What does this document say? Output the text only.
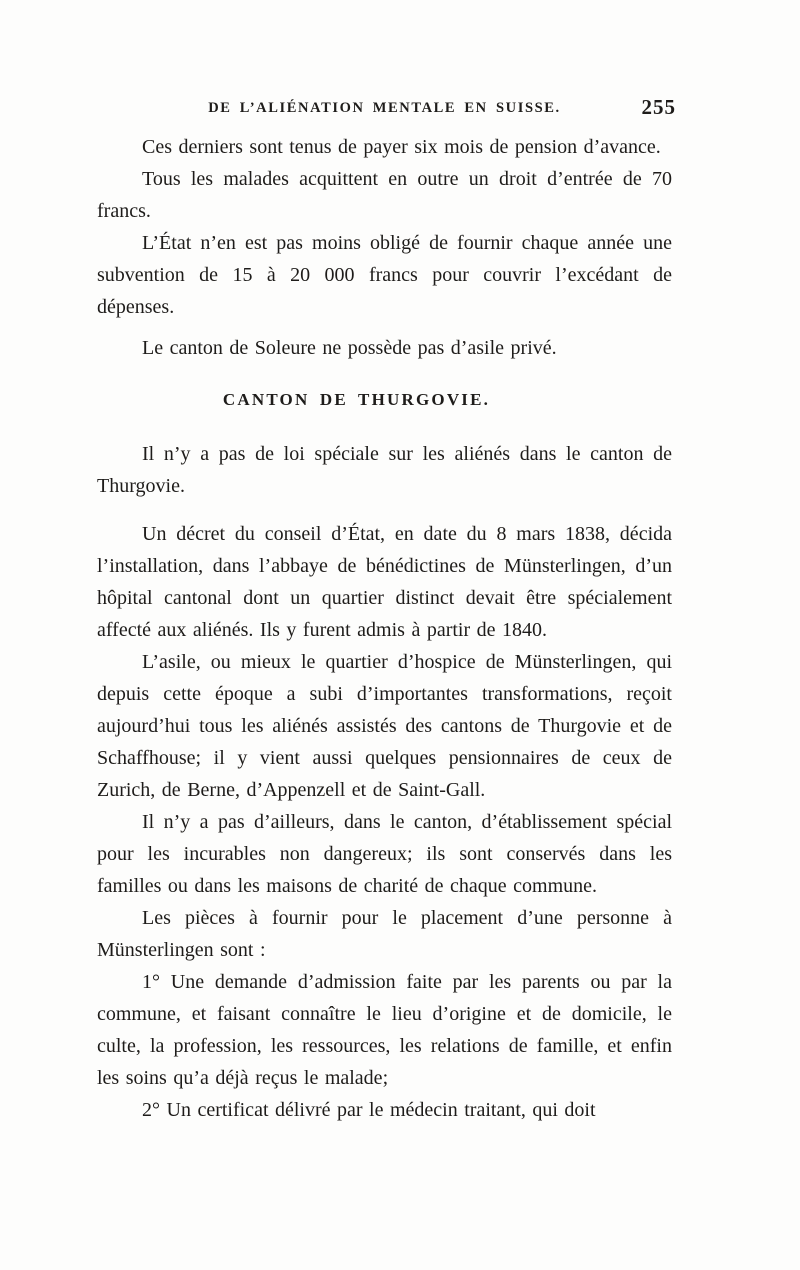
DE L’ALIÉNATION MENTALE EN SUISSE.	255

Ces derniers sont tenus de payer six mois de pension d’avance.

Tous les malades acquittent en outre un droit d’entrée de 70 francs.

L’État n’en est pas moins obligé de fournir chaque année une subvention de 15 à 20 000 francs pour couvrir l’excédant de dépenses.

Le canton de Soleure ne possède pas d’asile privé.

CANTON DE THURGOVIE.

Il n’y a pas de loi spéciale sur les aliénés dans le canton de Thurgovie.

Un décret du conseil d’État, en date du 8 mars 1838, décida l’installation, dans l’abbaye de bénédictines de Münsterlingen, d’un hôpital cantonal dont un quartier distinct devait être spécialement affecté aux aliénés. Ils y furent admis à partir de 1840.

L’asile, ou mieux le quartier d’hospice de Münsterlingen, qui depuis cette époque a subi d’importantes transformations, reçoit aujourd’hui tous les aliénés assistés des cantons de Thurgovie et de Schaffhouse; il y vient aussi quelques pensionnaires de ceux de Zurich, de Berne, d’Appenzell et de Saint-Gall.

Il n’y a pas d’ailleurs, dans le canton, d’établissement spécial pour les incurables non dangereux; ils sont conservés dans les familles ou dans les maisons de charité de chaque commune.

Les pièces à fournir pour le placement d’une personne à Münsterlingen sont :

1° Une demande d’admission faite par les parents ou par la commune, et faisant connaître le lieu d’origine et de domicile, le culte, la profession, les ressources, les relations de famille, et enfin les soins qu’a déjà reçus le malade;

2° Un certificat délivré par le médecin traitant, qui doit
